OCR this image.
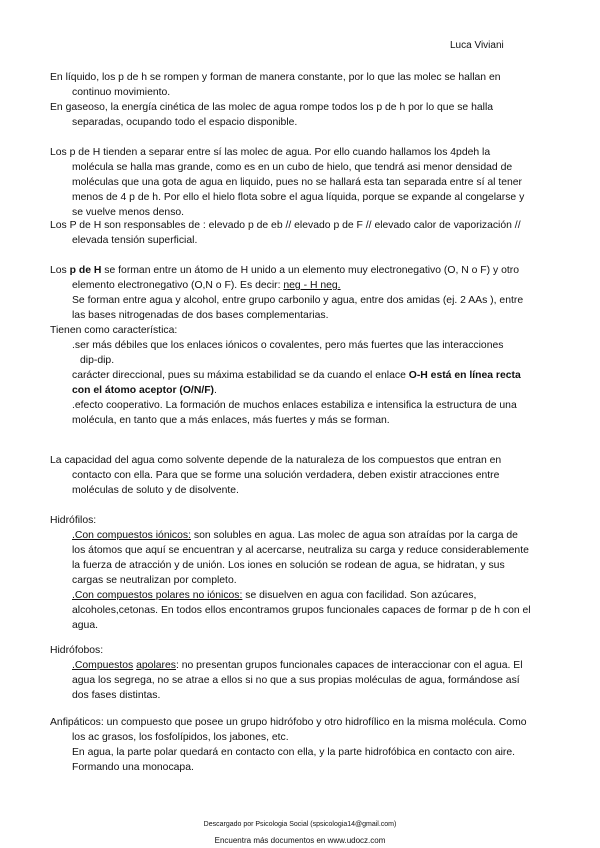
Luca Viviani
En líquido, los p de h se rompen y forman de manera constante, por lo que las molec se hallan en
continuo movimiento.
En gaseoso, la energía cinética de las molec de agua rompe todos los p de h por lo que se halla
separadas, ocupando todo el espacio disponible.
Los p de H tienden a separar entre sí las molec de agua. Por ello cuando hallamos los 4pdeh la
molécula se halla mas grande, como es en un cubo de hielo, que tendrá asi menor densidad de
moléculas que una gota de agua en liquido, pues no se hallará esta tan separada entre sí al tener
menos de 4 p de h. Por ello el hielo flota sobre el agua líquida, porque se expande al congelarse y
se vuelve menos denso.
Los P de H son responsables de : elevado p de eb // elevado p de F // elevado calor de vaporización //
elevada tensión superficial.
Los p de H se forman entre un átomo de H unido a un elemento muy electronegativo (O, N o F) y otro
elemento electronegativo (O,N o F). Es decir: neg - H neg.
Se forman entre agua y alcohol, entre grupo carbonilo y agua, entre dos amidas (ej. 2 AAs ), entre
las bases nitrogenadas de dos bases complementarias.
Tienen como característica:
.ser más débiles que los enlaces iónicos o covalentes, pero más fuertes que las interacciones
dip-dip.
carácter direccional, pues su máxima estabilidad se da cuando el enlace O-H está en línea recta
con el átomo aceptor (O/N/F).
.efecto cooperativo. La formación de muchos enlaces estabiliza e intensifica la estructura de una
molécula, en tanto que a más enlaces, más fuertes y más se forman.
La capacidad del agua como solvente depende de la naturaleza de los compuestos que entran en
contacto con ella. Para que se forme una solución verdadera, deben existir atracciones entre
moléculas de soluto y de disolvente.
Hidrófilos:
.Con compuestos iónicos: son solubles en agua. Las molec de agua son atraídas por la carga de
los átomos que aquí se encuentran y al acercarse, neutraliza su carga y reduce considerablemente
la fuerza de atracción y de unión. Los iones en solución se rodean de agua, se hidratan, y sus
cargas se neutralizan por completo.
.Con compuestos polares no iónicos: se disuelven en agua con facilidad. Son azúcares,
alcoholes,cetonas. En todos ellos encontramos grupos funcionales capaces de formar p de h con el
agua.
Hidrófobos:
.Compuestos apolares: no presentan grupos funcionales capaces de interaccionar con el agua. El
agua los segrega, no se atrae a ellos si no que a sus propias moléculas de agua, formándose así
dos fases distintas.
Anfipáticos: un compuesto que posee un grupo hidrófobo y otro hidrofílico en la misma molécula. Como
los ac grasos, los fosfolípidos, los jabones, etc.
En agua, la parte polar quedará en contacto con ella, y la parte hidrofóbica en contacto con aire.
Formando una monocapa.
Descargado por Psicologia Social (spsicologia14@gmail.com)
Encuentra más documentos en www.udocz.com
